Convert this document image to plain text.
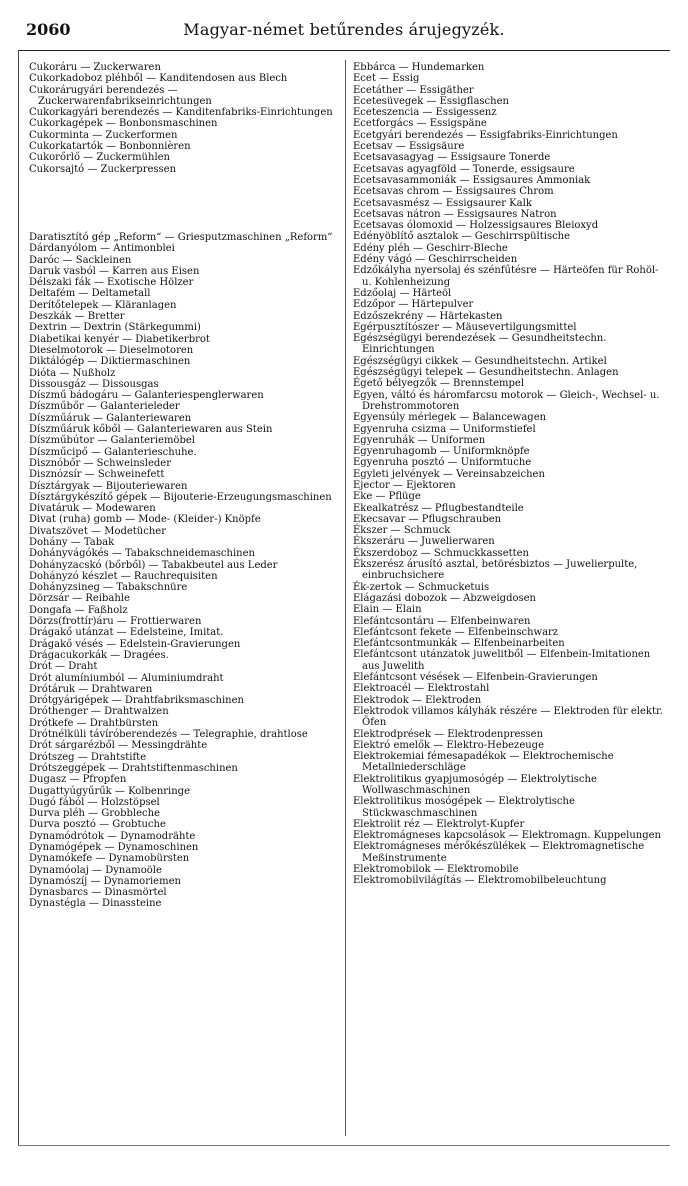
2060	Magyar-német betűrendes árujegyzék.

Cukoráru — Zuckerwaren

Cukorkadoboz pléhből — Kanditendosen aus Blech

Cukorárugyári berendezés — Zuckerwarenfabrikseinrichtungen

Cukorkagyári berendezés — Kanditenfabriks-Einrichtungen

Cukorkagépek — Bonbonsmaschinen

Cukorminta — Zuckerformen

Cukorkatartók — Bonbonnièren

Cukorőrlő — Zuckermühlen

Cukorsajtó — Zuckerpressen

Daratisztító gép „Reform“ — Griesputzmaschinen „Reform“

Dárdanyólom — Antimonblei

Daróc — Sackleinen

Daruk vasból — Karren aus Eisen

Délszaki fák — Exotische Hölzer

Deltafém — Deltametall

Derítőtelepek — Kläranlagen

Deszkák — Bretter

Dextrin — Dextrin (Stärkegummi)

Diabetikai kenyér — Diabetikerbrot

Dieselmotorok — Dieselmotoren

Diktálógép — Diktiermaschinen

Dióta — Nußholz

Dissousgáz — Dissousgas

Díszmű bádogáru — Galanteriespenglerwaren

Díszműbőr — Galanterieleder

Díszműáruk — Galanteriewaren

Díszműáruk kőből — Galanteriewaren aus Stein

Díszműbútor — Galanteriemöbel

Díszműcipő — Galanterieschuhe.

Disznóbőr — Schweinsleder

Disznózsír — Schweinefett

Dísztárgyak — Bijouteriewaren

Dísztárgykészítő gépek — Bijouterie-Erzeugungsmaschinen

Divatáruk — Modewaren

Divat (ruha) gomb — Mode- (Kleider-) Knöpfe

Divatszövet — Modetücher

Dohány — Tabak

Dohányvágókés — Tabakschneidemaschinen

Dohányzacskó (bőrből) — Tabakbeutel aus Leder

Dohányzó készlet — Rauchrequisiten

Dohányzsineg — Tabakschnüre

Dörzsár — Reibahle

Dongafa — Faßholz

Dörzs(frottír)áru — Frottierwaren

Drágakő utánzat — Edelsteine, Imitat.

Drágakő vésés — Edelstein-Gravierungen

Drágacukorkák — Dragées.

Drót — Draht

Drót alumíniumból — Aluminiumdraht

Drótáruk — Drahtwaren

Drótgyárigépek — Drahtfabriksmaschinen

Dróthenger — Drahtwalzen

Drótkefe — Drahtbürsten

Drótnélküli távíróberendezés — Telegraphie, drahtlose

Drót sárgarézből — Messingdrähte

Drótszeg — Drahtstifte

Drótszeggépek — Drahtstiftenmaschinen

Dugasz — Pfropfen

Dugattyúgyűrűk — Kolbenringe

Dugó fából — Holzstöpsel

Durva pléh — Grobbleche

Durva posztó — Grobtuche

Dynamódrótok — Dynamodrähte

Dynamógépek — Dynamoschinen

Dynamókefe — Dynamobürsten

Dynamóolaj — Dynamoöle

Dynamószíj — Dynamoriemen

Dynasbarcs — Dinasmörtel

Dynastégla — Dinassteine

Ebbárca — Hundemarken

Ecet — Essig

Ecetáther — Essigäther

Ecetesüvegek — Essigflaschen

Eceteszencia — Essigessenz

Ecetforgács — Essigspäne

Ecetgyári berendezés — Essigfabriks-Einrichtungen

Ecetsav — Essigsäure

Ecetsavasagyag — Essigsaure Tonerde

Ecetsavas agyagföld — Tonerde, essigsaure

Ecetsavasammoniák — Essigsaures Ammoniak

Ecetsavas chrom — Essigsaures Chrom

Ecetsavasmész — Essigsaurer Kalk

Ecetsavas nátron — Essigsaures Natron

Ecetsavas ólomoxid — Holzessigsaures Bleioxyd

Edényöblítő asztalok — Geschirrspültische

Edény pléh — Geschirr-Bleche

Edény vágó — Geschirrscheiden

Edzőkályha nyersolaj és szénfűtésre — Härteöfen für Rohöl- u. Kohlenheizung

Edzőolaj — Härteöl

Edzőpor — Härtepulver

Edzőszekrény — Härtekasten

Egérpusztítószer — Mäusevertilgungsmittel

Egészségügyi berendezések — Gesundheitstechn. Einrichtungen

Egészségügyi cikkek — Gesundheitstechn. Artikel

Egészségügyi telepek — Gesundheitstechn. Anlagen

Égető bélyegzők — Brennstempel

Egyen, váltó és háromfarcsu motorok — Gleich-, Wechsel- u. Drehstrommotoren

Egyensúly mérlegek — Balancewagen

Egyenruha csizma — Uniformstiefel

Egyenruhák — Uniformen

Egyenruhagomb — Uniformknöpfe

Egyenruha posztó — Uniformtuche

Egyleti jelvények — Vereinsabzeichen

Ejector — Ejektoren

Eke — Pflüge

Ekealkatrész — Pflugbestandteile

Ekecsavar — Pflugschrauben

Ékszer — Schmuck

Ékszeráru — Juwelierwaren

Ékszerdoboz — Schmuckkassetten

Ékszerész árusító asztal, betörésbiztos — Juwelierpulte, einbruchsichere

Ék-zertok — Schmucketuis

Elágazási dobozok — Abzweigdosen

Elain — Elain

Elefántcsontáru — Elfenbeinwaren

Elefántcsont fekete — Elfenbeinschwarz

Elefántcsontmunkák — Elfenbeinarbeiten

Elefántcsont utánzatok juwelitből — Elfenbein-Imitationen aus Juwelith

Elefántcsont vésések — Elfenbein-Gravierungen

Elektroacél — Elektrostahl

Elektrodok — Elektroden

Elektrodok villamos kályhák részére — Elektroden für elektr. Öfen

Elektrodprések — Elektrodenpressen

Elektró emelők — Elektro-Hebezeuge

Elektrokemiai fémesapadékok — Elektrochemische Metallniederschläge

Elektrolitikus gyapjumosógép — Elektrolytische Wollwaschmaschinen

Elektrolitikus mosógépek — Elektrolytische Stückwaschmaschinen

Elektrolit réz — Elektrolyt-Kupfer

Elektromágneses kapcsolások — Elektromagn. Kuppelungen

Elektromágneses mérőkészülékek — Elektromagnetische Meßinstrumente

Elektromobilok — Elektromobile

Elektromobilvilágítás — Elektromobilbeleuchtung
